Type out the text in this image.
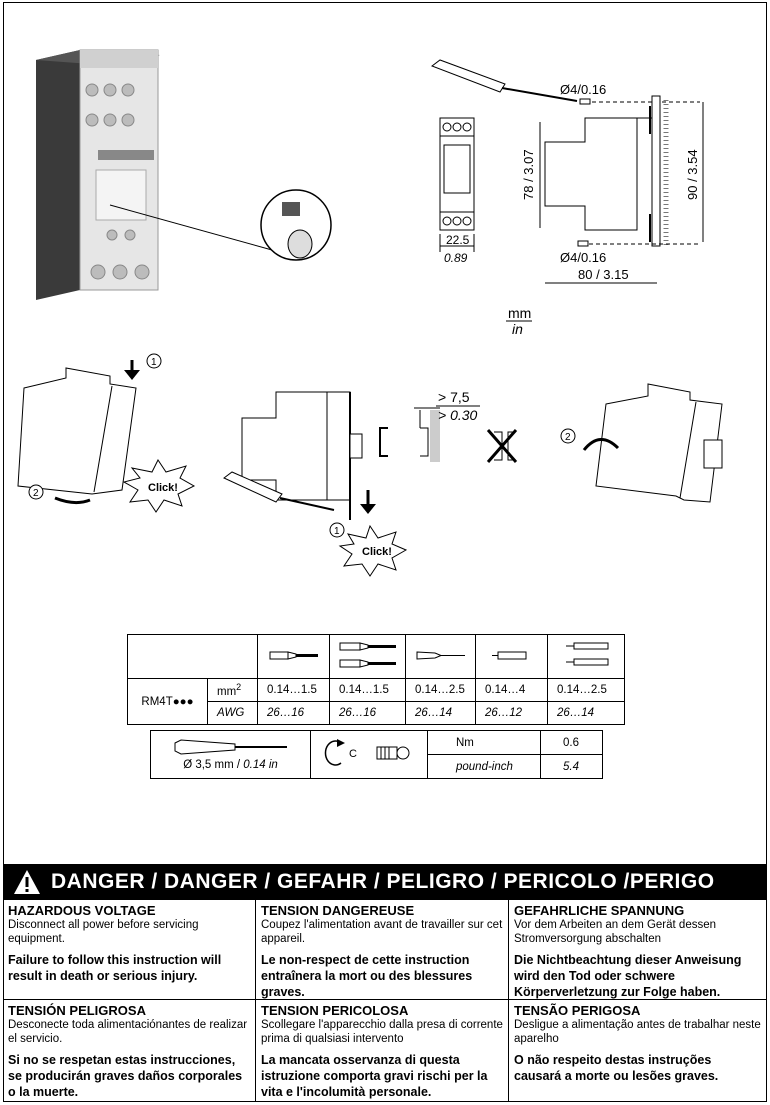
22.5
0.89
78 / 3.07	90 / 3.54
Ø4/0.16
Ø4/0.16
80 / 3.15
mm
in
1
2	Click!
1
Click!
> 7,5
> 0.30
2

RM4T●●●	$mm^2$	0.14…1.5	0.14…1.5	0.14…2.5	0.14…4	0.14…2.5
	AWG	26…16	26…16	26…14	26…12	26…14

Ø 3,5 mm / 0.14 in	C	Nm	0.6
		pound-inch	5.4
DANGER / DANGER / GEFAHR / PELIGRO / PERICOLO /PERIGO
HAZARDOUS VOLTAGE
Disconnect all power before servicing equipment.
Failure to follow this instruction will result in death or serious injury.
TENSION DANGEREUSE
Coupez l'alimentation avant de travailler sur cet appareil.
Le non-respect de cette instruction entraînera la mort ou des blessures graves.
GEFAHRLICHE SPANNUNG
Vor dem Arbeiten an dem Gerät dessen Stromversorgung abschalten
Die Nichtbeachtung dieser Anweisung wird den Tod oder schwere Körperverletzung zur Folge haben.
TENSIÓN PELIGROSA
Desconecte toda alimentaciónantes de realizar el servicio.
Si no se respetan estas instrucciones, se producirán graves daños corporales o la muerte.
TENSION PERICOLOSA
Scollegare l'apparecchio dalla presa di corrente prima di qualsiasi intervento
La mancata osservanza di questa istruzione comporta gravi rischi per la vita e l'incolumità personale.
TENSÃO PERIGOSA
Desligue a alimentação antes de trabalhar neste aparelho
O não respeito destas instruções causará a morte ou lesões graves.
